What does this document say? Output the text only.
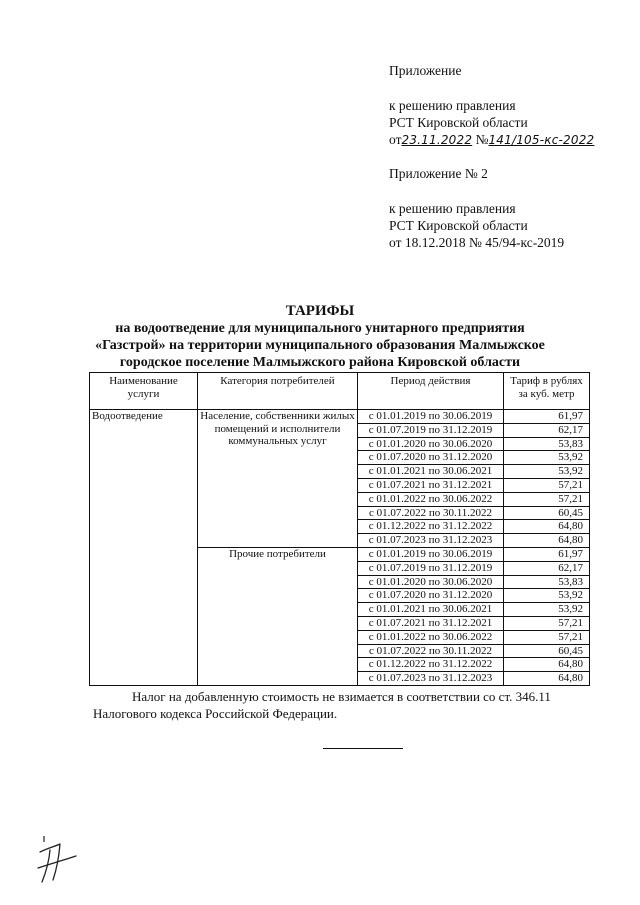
Приложение
к решению правления
РСТ Кировской области
от23.11.2022 №141/105-кс-2022
Приложение № 2
к решению правления
РСТ Кировской области
от 18.12.2018 № 45/94-кс-2019
ТАРИФЫ
на водоотведение для муниципального унитарного предприятия
«Газстрой» на территории муниципального образования Малмыжское
городское поселение Малмыжского района Кировской области
Наименование услуги	Категория потребителей	Период действия	Тариф в рублях за куб. метр
Водоотведение	Население, собственники жилых помещений и исполнители коммунальных услуг	с 01.01.2019 по 30.06.2019	61,97
		с 01.07.2019 по 31.12.2019	62,17
		с 01.01.2020 по 30.06.2020	53,83
		с 01.07.2020 по 31.12.2020	53,92
		с 01.01.2021 по 30.06.2021	53,92
		с 01.07.2021 по 31.12.2021	57,21
		с 01.01.2022 по 30.06.2022	57,21
		с 01.07.2022 по 30.11.2022	60,45
		с 01.12.2022 по 31.12.2022	64,80
		с 01.07.2023 по 31.12.2023	64,80
	Прочие потребители	с 01.01.2019 по 30.06.2019	61,97
		с 01.07.2019 по 31.12.2019	62,17
		с 01.01.2020 по 30.06.2020	53,83
		с 01.07.2020 по 31.12.2020	53,92
		с 01.01.2021 по 30.06.2021	53,92
		с 01.07.2021 по 31.12.2021	57,21
		с 01.01.2022 по 30.06.2022	57,21
		с 01.07.2022 по 30.11.2022	60,45
		с 01.12.2022 по 31.12.2022	64,80
		с 01.07.2023 по 31.12.2023	64,80
Налог на добавленную стоимость не взимается в соответствии со ст. 346.11
Налогового кодекса Российской Федерации.
